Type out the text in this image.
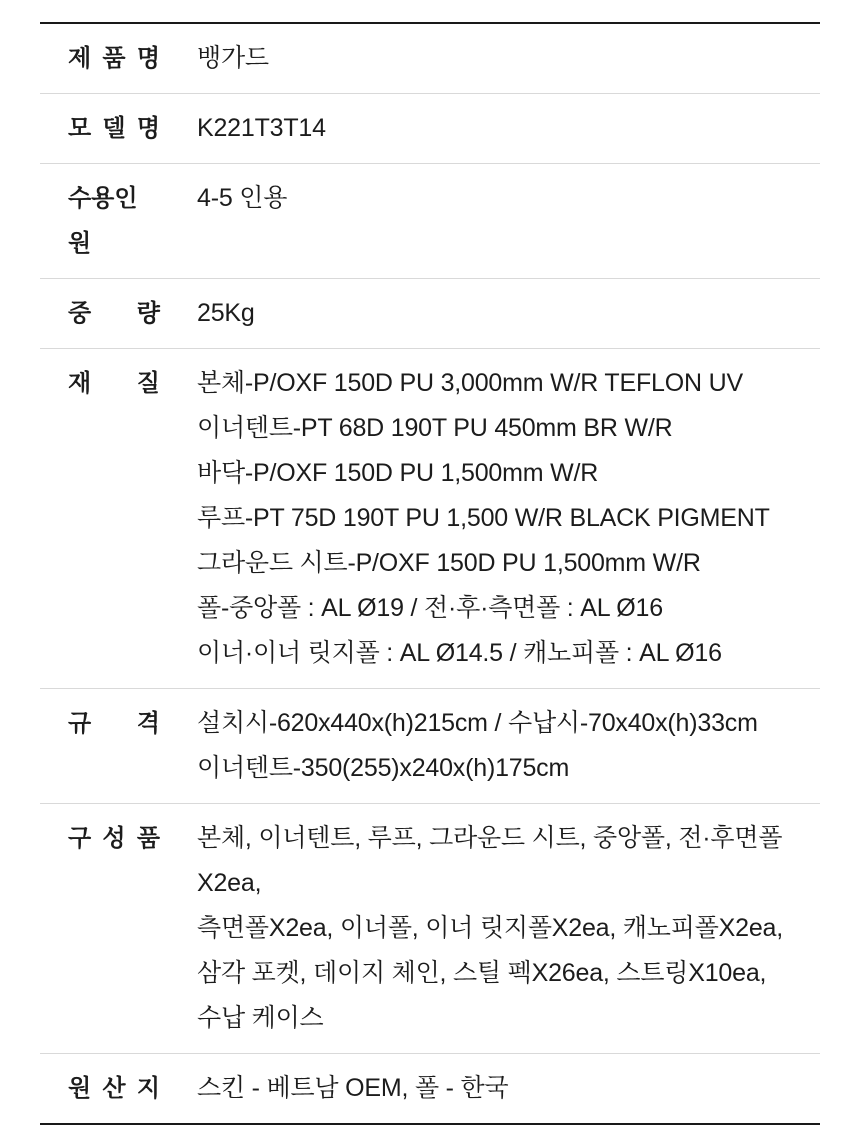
제 품 명 뱅가드
모 델 명 K221T3T14
수용인원
4-5 인용
중 량 25Kg
재 질 본체-P/OXF 150D PU 3,000mm W/R TEFLON UV
이너텐트-PT 68D 190T PU 450mm BR W/R
바닥-P/OXF 150D PU 1,500mm W/R
루프-PT 75D 190T PU 1,500 W/R BLACK PIGMENT
그라운드 시트-P/OXF 150D PU 1,500mm W/R
폴-중앙폴 : AL Ø19 / 전·후·측면폴 : AL Ø16
이너·이너 릿지폴 : AL Ø14.5 / 캐노피폴 : AL Ø16
규 격 설치시-620x440x(h)215cm / 수납시-70x40x(h)33cm
이너텐트-350(255)x240x(h)175cm
구 성 품 본체, 이너텐트, 루프, 그라운드 시트, 중앙폴, 전·후면폴X2ea,
측면폴X2ea, 이너폴, 이너 릿지폴X2ea, 캐노피폴X2ea,
삼각 포켓, 데이지 체인, 스틸 펙X26ea, 스트링X10ea,
수납 케이스
원 산 지 스킨 - 베트남 OEM, 폴 - 한국
